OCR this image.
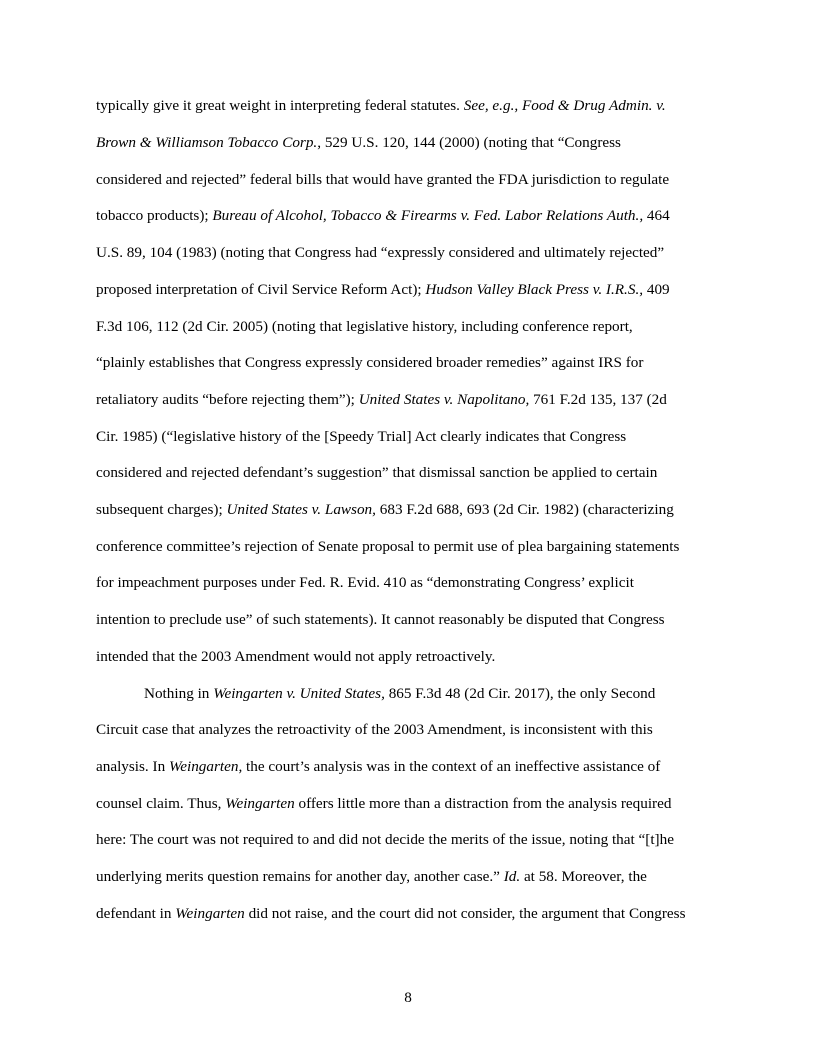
typically give it great weight in interpreting federal statutes. See, e.g., Food & Drug Admin. v.
Brown & Williamson Tobacco Corp., 529 U.S. 120, 144 (2000) (noting that “Congress
considered and rejected” federal bills that would have granted the FDA jurisdiction to regulate
tobacco products); Bureau of Alcohol, Tobacco & Firearms v. Fed. Labor Relations Auth., 464
U.S. 89, 104 (1983) (noting that Congress had “expressly considered and ultimately rejected”
proposed interpretation of Civil Service Reform Act); Hudson Valley Black Press v. I.R.S., 409
F.3d 106, 112 (2d Cir. 2005) (noting that legislative history, including conference report,
“plainly establishes that Congress expressly considered broader remedies” against IRS for
retaliatory audits “before rejecting them”); United States v. Napolitano, 761 F.2d 135, 137 (2d
Cir. 1985) (“legislative history of the [Speedy Trial] Act clearly indicates that Congress
considered and rejected defendant’s suggestion” that dismissal sanction be applied to certain
subsequent charges); United States v. Lawson, 683 F.2d 688, 693 (2d Cir. 1982) (characterizing
conference committee’s rejection of Senate proposal to permit use of plea bargaining statements
for impeachment purposes under Fed. R. Evid. 410 as “demonstrating Congress’ explicit
intention to preclude use” of such statements). It cannot reasonably be disputed that Congress
intended that the 2003 Amendment would not apply retroactively.
Nothing in Weingarten v. United States, 865 F.3d 48 (2d Cir. 2017), the only Second
Circuit case that analyzes the retroactivity of the 2003 Amendment, is inconsistent with this
analysis. In Weingarten, the court’s analysis was in the context of an ineffective assistance of
counsel claim. Thus, Weingarten offers little more than a distraction from the analysis required
here: The court was not required to and did not decide the merits of the issue, noting that “[t]he
underlying merits question remains for another day, another case.” Id. at 58. Moreover, the
defendant in Weingarten did not raise, and the court did not consider, the argument that Congress
8
